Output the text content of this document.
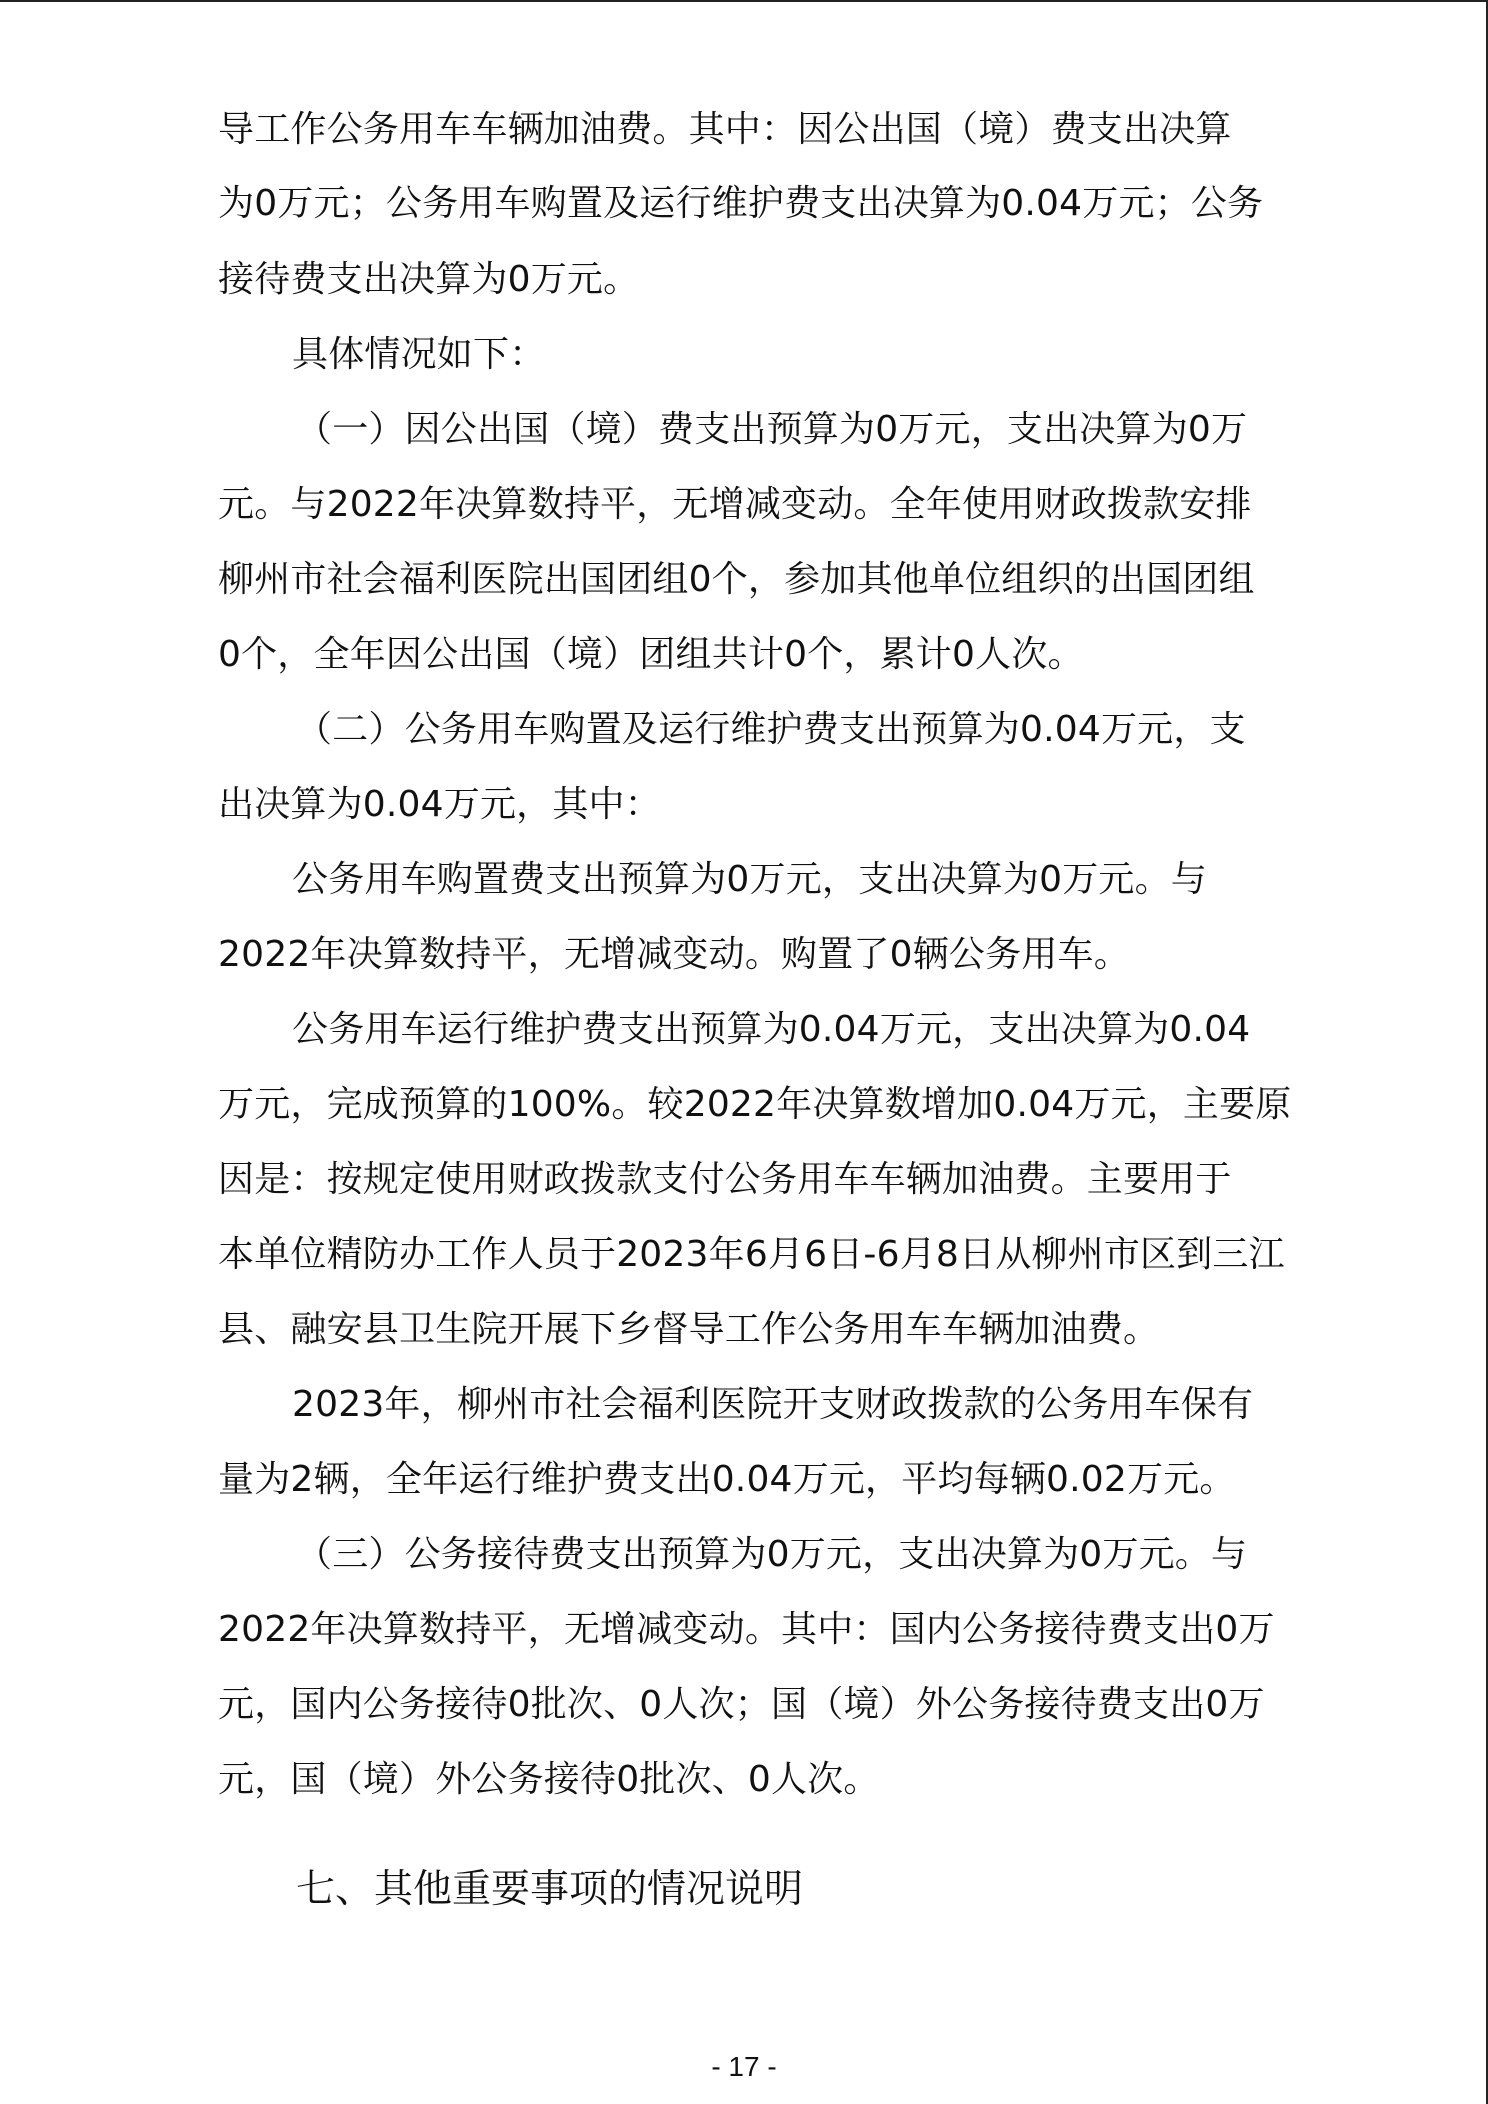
导工作公务用车车辆加油费。其中：因公出国（境）费支出决算
为0万元；公务用车购置及运行维护费支出决算为0.04万元；公务
接待费支出决算为0万元。
具体情况如下：
（一）因公出国（境）费支出预算为0万元，支出决算为0万
元。与2022年决算数持平，无增减变动。全年使用财政拨款安排
柳州市社会福利医院出国团组0个，参加其他单位组织的出国团组
0个，全年因公出国（境）团组共计0个，累计0人次。
（二）公务用车购置及运行维护费支出预算为0.04万元，支
出决算为0.04万元，其中：
公务用车购置费支出预算为0万元，支出决算为0万元。与
2022年决算数持平，无增减变动。购置了0辆公务用车。
公务用车运行维护费支出预算为0.04万元，支出决算为0.04
万元，完成预算的100%。较2022年决算数增加0.04万元，主要原
因是：按规定使用财政拨款支付公务用车车辆加油费。主要用于
本单位精防办工作人员于2023年6月6日-6月8日从柳州市区到三江
县、融安县卫生院开展下乡督导工作公务用车车辆加油费。
2023年，柳州市社会福利医院开支财政拨款的公务用车保有
量为2辆，全年运行维护费支出0.04万元，平均每辆0.02万元。
（三）公务接待费支出预算为0万元，支出决算为0万元。与
2022年决算数持平，无增减变动。其中：国内公务接待费支出0万
元，国内公务接待0批次、0人次；国（境）外公务接待费支出0万
元，国（境）外公务接待0批次、0人次。
七、其他重要事项的情况说明
- 17 -
